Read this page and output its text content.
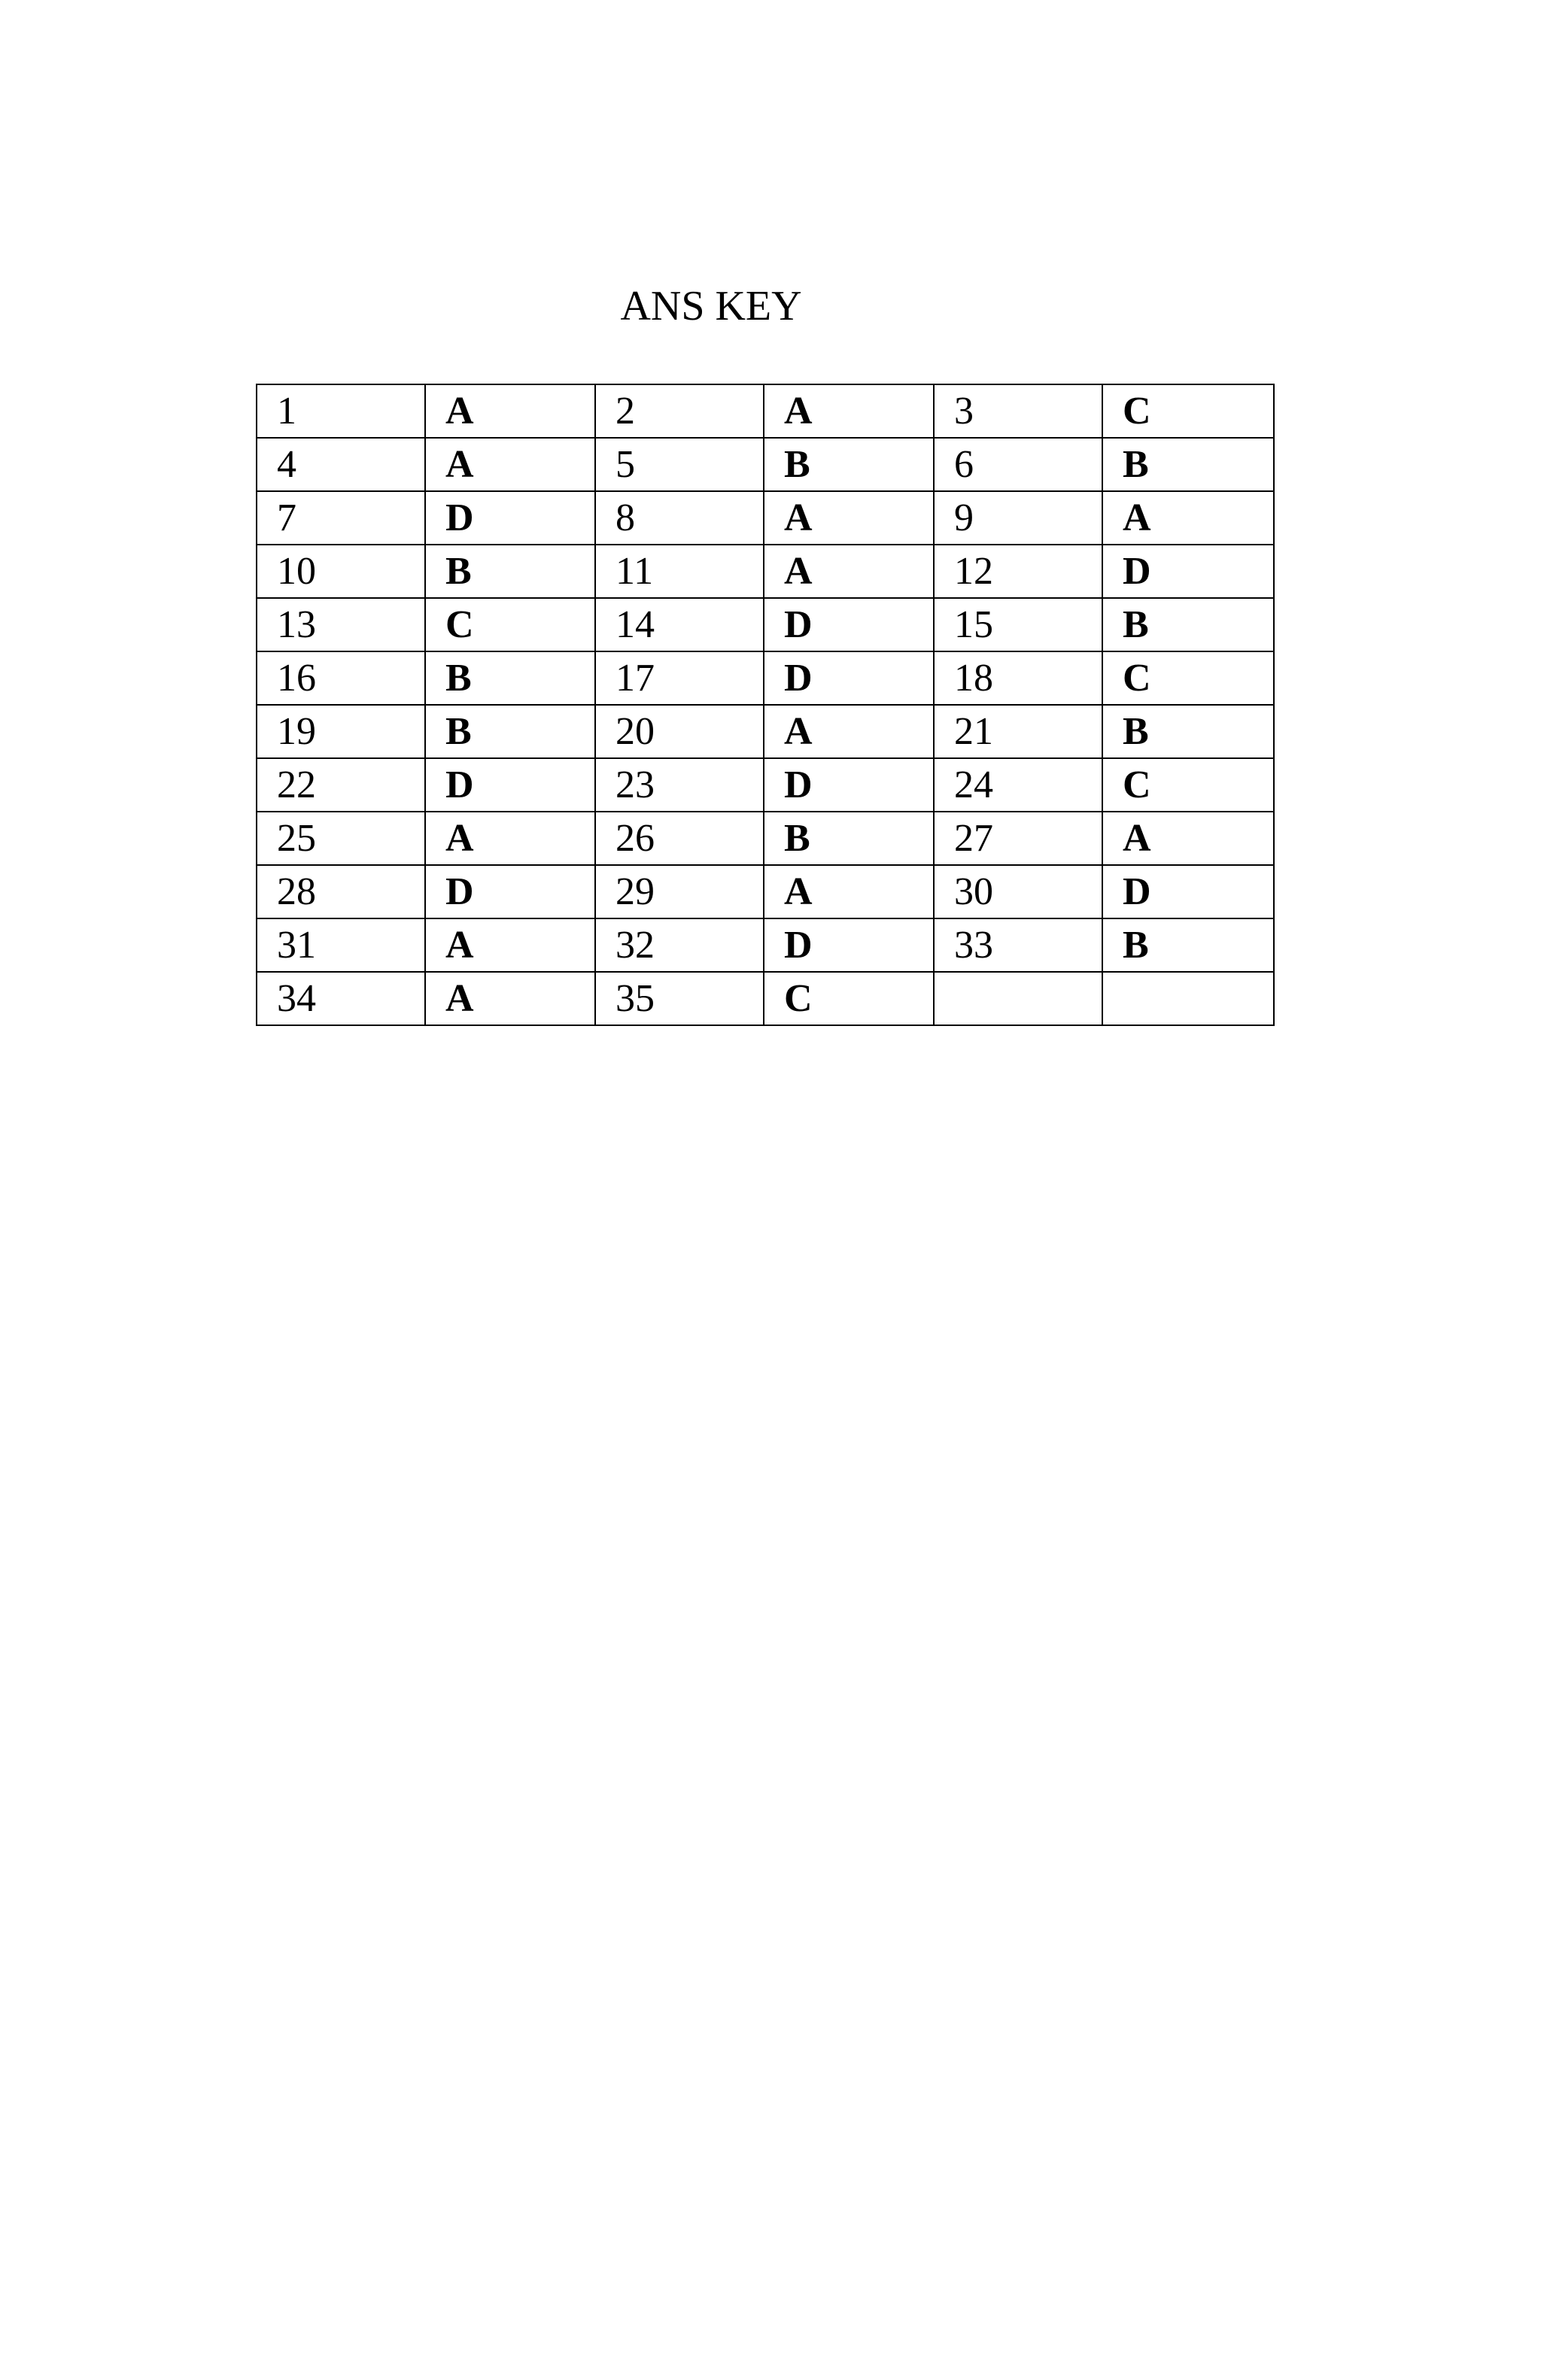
ANS KEY
1	A	2	A	3	C
4	A	5	B	6	B
7	D	8	A	9	A
10	B	11	A	12	D
13	C	14	D	15	B
16	B	17	D	18	C
19	B	20	A	21	B
22	D	23	D	24	C
25	A	26	B	27	A
28	D	29	A	30	D
31	A	32	D	33	B
34	A	35	C		
